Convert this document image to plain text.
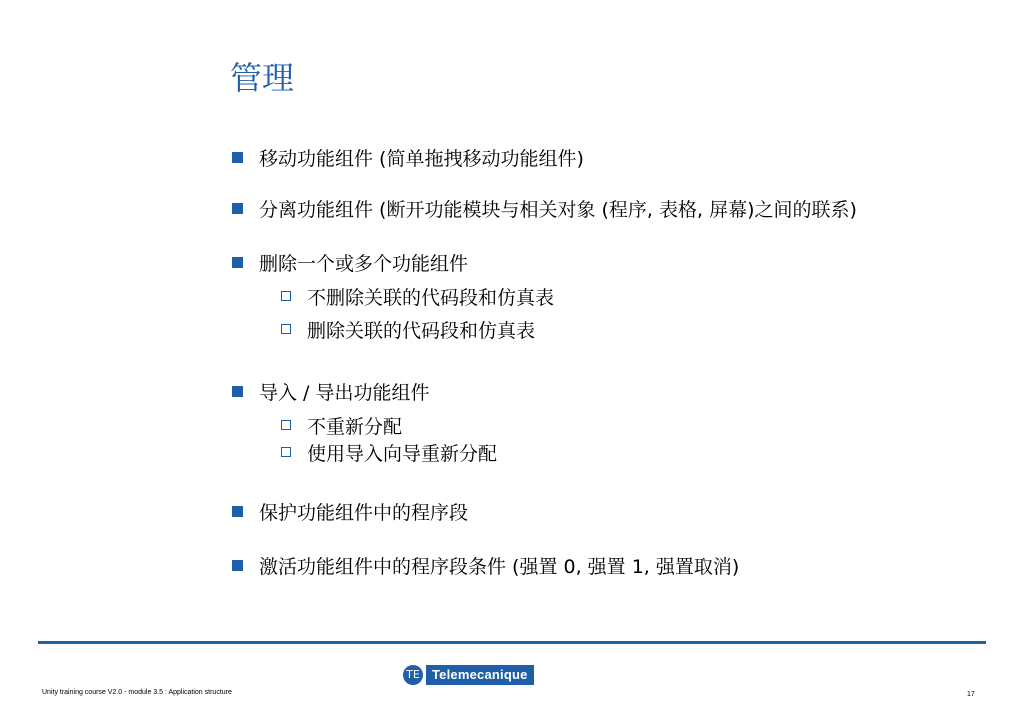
管理
移动功能组件 (简单拖拽移动功能组件)
分离功能组件 (断开功能模块与相关对象 (程序, 表格, 屏幕)之间的联系)
删除一个或多个功能组件
不删除关联的代码段和仿真表
删除关联的代码段和仿真表
导入 / 导出功能组件
不重新分配
使用导入向导重新分配
保护功能组件中的程序段
激活功能组件中的程序段条件 (强置 0, 强置 1, 强置取消)
TE Telemecanique
Unity training course V2.0 - module 3.5 : Application structure	17
